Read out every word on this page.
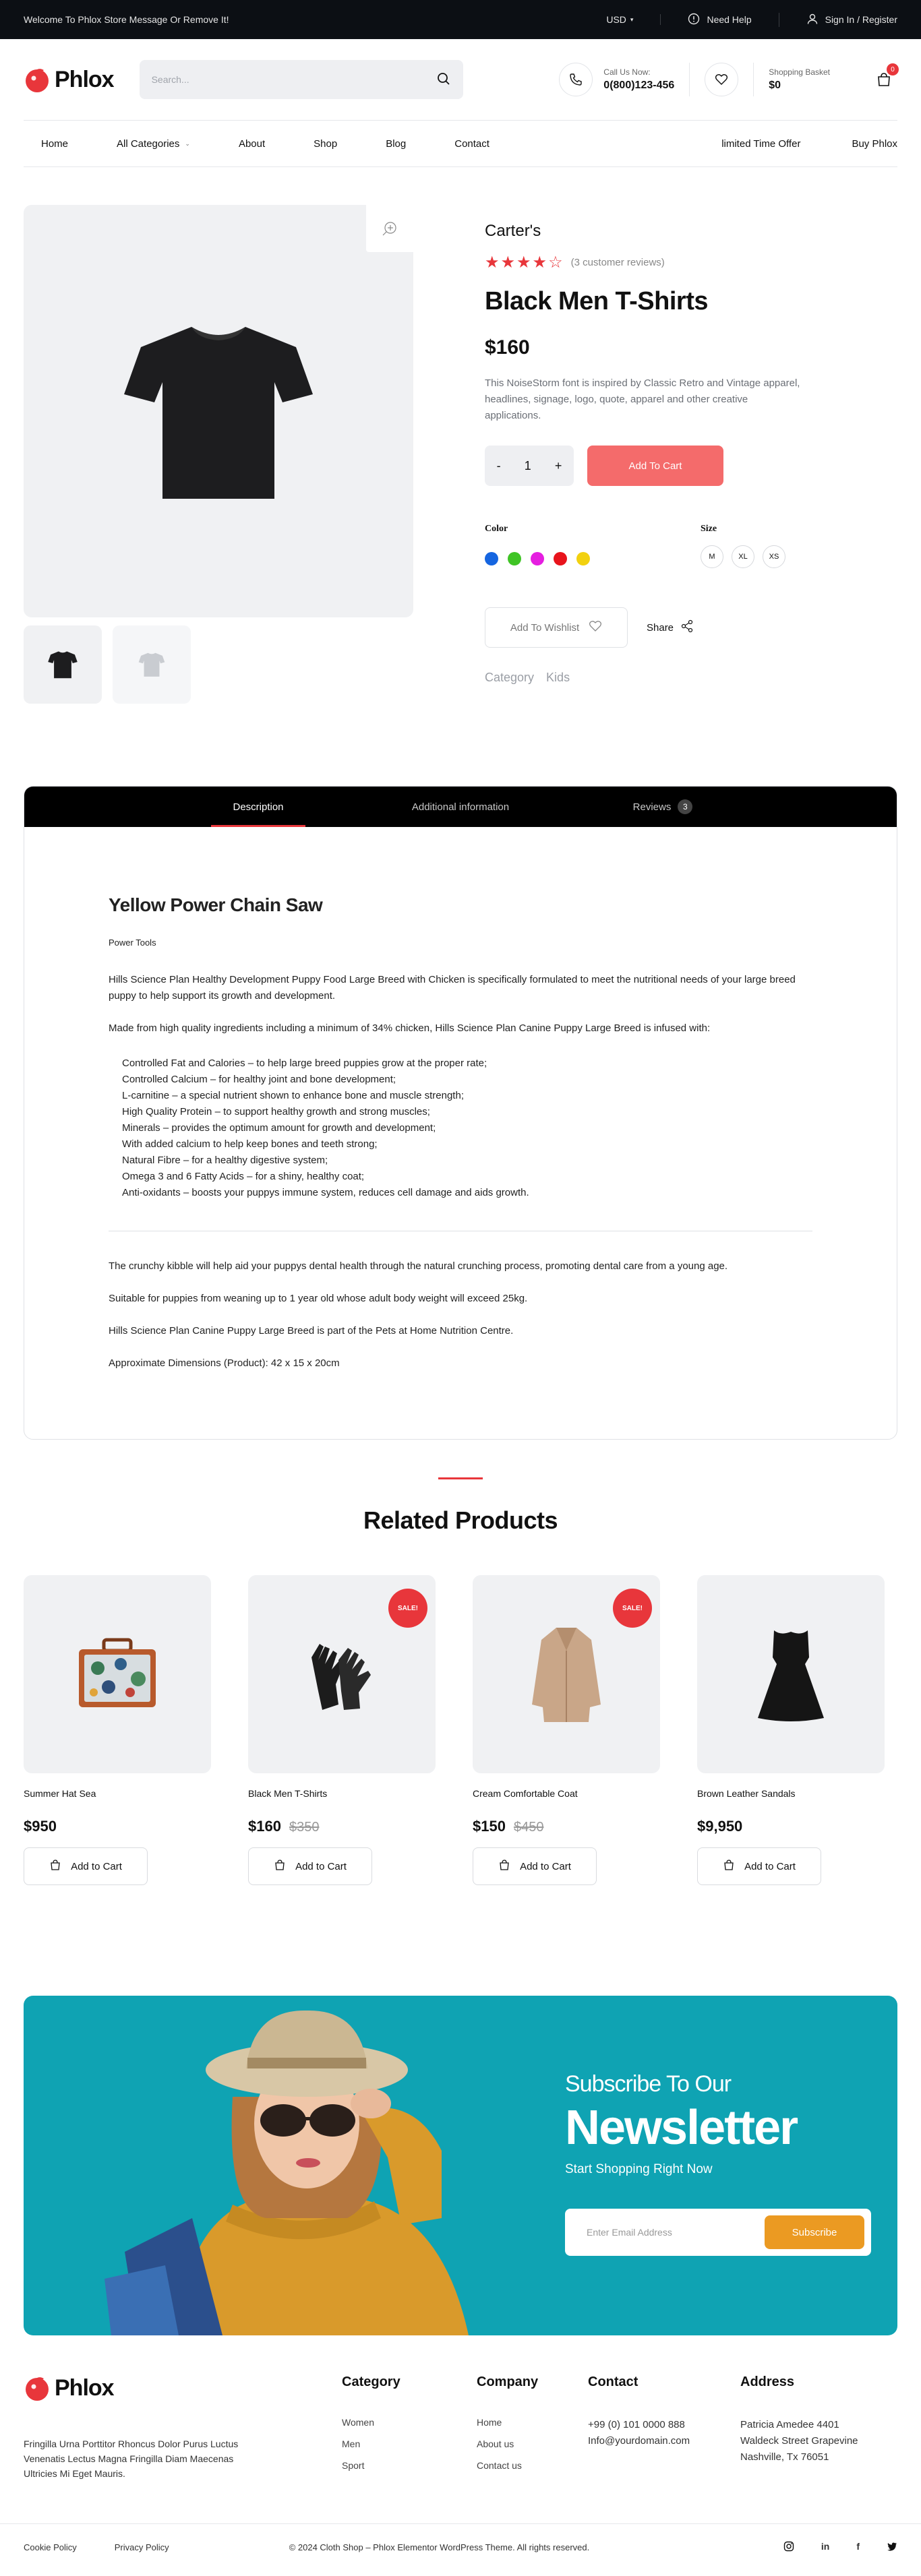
Welcome To Phlox Store Message Or Remove It!	USD ▾	Need Help	Sign In / Register
Phlox
Search...	Call Us Now:
0(800)123-456
Shopping Basket
$0
0
Home	All Categories ⌄	About	Shop	Blog	Contact	limited Time Offer	Buy Phlox
Carter's
★★★★☆ (3 customer reviews)
Black Men T-Shirts
$160
This NoiseStorm font is inspired by Classic Retro and Vintage apparel, headlines, signage, logo, quote, apparel and other creative applications.
- 1 +	Add To Cart
Color	Size
M	XL	XS
Add To Wishlist	Share
Category Kids
Description	Additional information	Reviews	3
Yellow Power Chain Saw
Power Tools

Hills Science Plan Healthy Development Puppy Food Large Breed with Chicken is specifically formulated to meet the nutritional needs of your large breed puppy to help support its growth and development.

Made from high quality ingredients including a minimum of 34% chicken, Hills Science Plan Canine Puppy Large Breed is infused with:

Controlled Fat and Calories – to help large breed puppies grow at the proper rate;
Controlled Calcium – for healthy joint and bone development;
L-carnitine – a special nutrient shown to enhance bone and muscle strength;
High Quality Protein – to support healthy growth and strong muscles;
Minerals – provides the optimum amount for growth and development;
With added calcium to help keep bones and teeth strong;
Natural Fibre – for a healthy digestive system;
Omega 3 and 6 Fatty Acids – for a shiny, healthy coat;
Anti-oxidants – boosts your puppys immune system, reduces cell damage and aids growth.

The crunchy kibble will help aid your puppys dental health through the natural crunching process, promoting dental care from a young age.

Suitable for puppies from weaning up to 1 year old whose adult body weight will exceed 25kg.

Hills Science Plan Canine Puppy Large Breed is part of the Pets at Home Nutrition Centre.

Approximate Dimensions (Product): 42 x 15 x 20cm

Related Products
Summer Hat Sea
$950
Add to Cart
SALE!
Black Men T-Shirts
$160 $350
Add to Cart
SALE!
Cream Comfortable Coat
$150 $450
Add to Cart
Brown Leather Sandals
$9,950
Add to Cart
Subscribe To Our
Newsletter
Start Shopping Right Now
Enter Email Address
Subscribe
Phlox

Fringilla Urna Porttitor Rhoncus Dolor Purus Luctus Venenatis Lectus Magna Fringilla Diam Maecenas Ultricies Mi Eget Mauris.

Category
Women
Men
Sport
Company
Home
About us
Contact us
Contact

+99 (0) 101 0000 888
Info@yourdomain.com

Address

Patricia Amedee 4401
Waldeck Street Grapevine
Nashville, Tx 76051

Cookie Policy	Privacy Policy	© 2024 Cloth Shop – Phlox Elementor WordPress Theme. All rights reserved.	in	f
